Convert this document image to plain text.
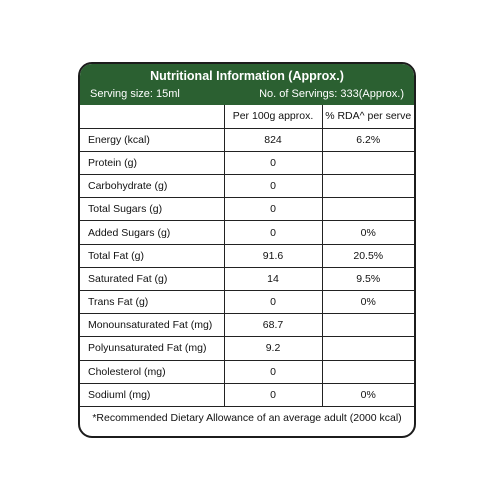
Nutritional Information (Approx.)
Serving size: 15ml	No. of Servings: 333(Approx.)
	Per 100g approx.	% RDA^ per serve
Energy (kcal)	824	6.2%
Protein (g)	0	
Carbohydrate (g)	0	
Total Sugars (g)	0	
Added Sugars (g)	0	0%
Total Fat (g)	91.6	20.5%
Saturated Fat (g)	14	9.5%
Trans Fat (g)	0	0%
Monounsaturated Fat (mg)	68.7	
Polyunsaturated Fat (mg)	9.2	
Cholesterol (mg)	0	
Sodiuml (mg)	0	0%
*Recommended Dietary Allowance of an average adult (2000 kcal)		
